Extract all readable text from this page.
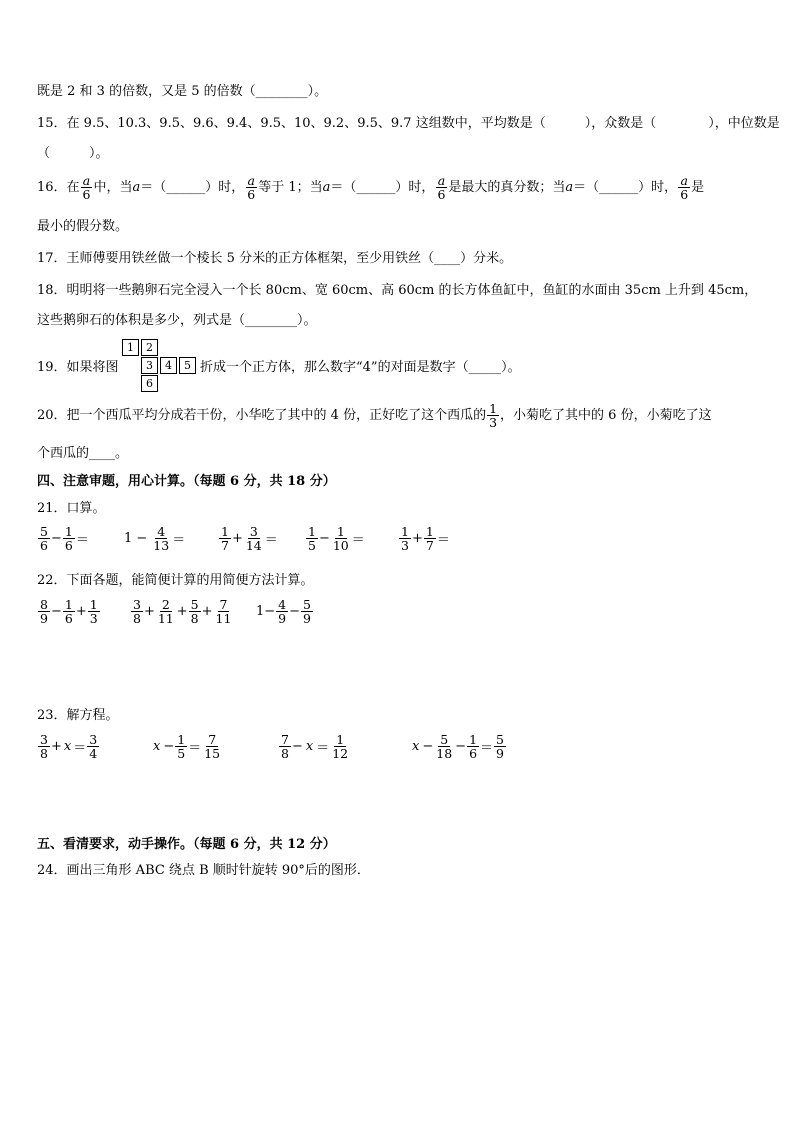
既是 2 和 3 的倍数，又是 5 的倍数（________）。
15．在 9.5、10.3、9.5、9.6、9.4、9.5、10、9.2、9.5、9.7 这组数中，平均数是（　　　），众数是（　　　　），中位数是
（　　　）。
16．在 $\frac{a}{6}$ 中，当 a ＝（______）时， $\frac{a}{6}$ 等于 1；当 a ＝（______）时， $\frac{a}{6}$ 是最大的真分数；当 a ＝（______）时， $\frac{a}{6}$ 是
最小的假分数。
17．王师傅要用铁丝做一个棱长 5 分米的正方体框架，至少用铁丝（____）分米。
18．明明将一些鹅卵石完全浸入一个长 80cm、宽 60cm、高 60cm 的长方体鱼缸中，鱼缸的水面由 35cm 上升到 45cm，
这些鹅卵石的体积是多少，列式是（________）。
19．如果将图
1	2
3	4	5
6
折成一个正方体，那么数字“4”的对面是数字（_____）。
20．把一个西瓜平均分成若干份，小华吃了其中的 4 份，正好吃了这个西瓜的 $\frac{1}{3}$ ，小菊吃了其中的 6 份，小菊吃了这
个西瓜的____。
四、注意审题，用心计算。（每题 6 分，共 18 分）
21．口算。
$\frac{5}{6} - \frac{1}{6}$ ＝	$1 - \frac{4}{13}$ ＝	$\frac{1}{7} + \frac{3}{14} = \frac{1}{5} - \frac{1}{10}$ ＝	$\frac{1}{3} + \frac{1}{7}$ ＝
22．下面各题，能简便计算的用简便方法计算。
$\frac{8}{9} - \frac{1}{6} + \frac{1}{3}$	$\frac{3}{8} + \frac{2}{11} + \frac{5}{8} + \frac{7}{11} 1- \frac{4}{9} - \frac{5}{9}$
23．解方程。
$\frac{3}{8} + x = \frac{3}{4}$	$x - \frac{1}{5} = \frac{7}{15}$	$\frac{7}{8} - x = \frac{1}{12}$	$x - \frac{5}{18} - \frac{1}{6} = \frac{5}{9}$
五、看清要求，动手操作。（每题 6 分，共 12 分）
24．画出三角形 ABC 绕点 B 顺时针旋转 90°后的图形．
